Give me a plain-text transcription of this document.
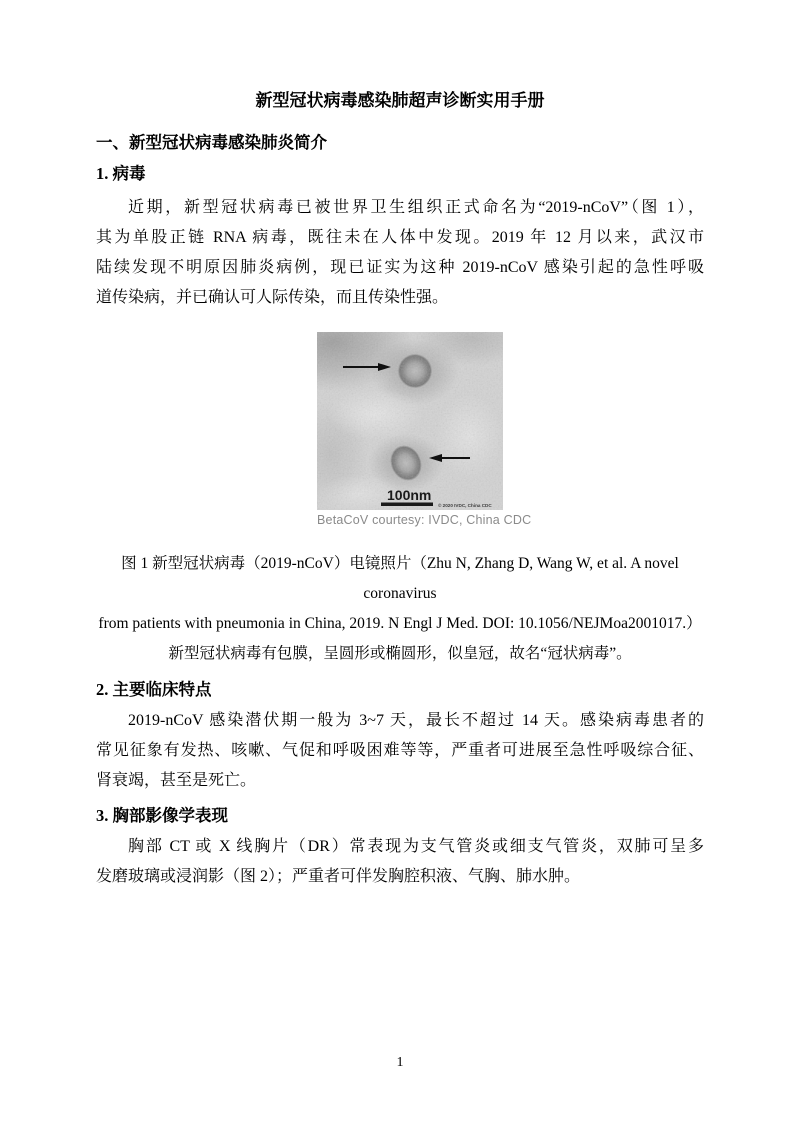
新型冠状病毒感染肺超声诊断实用手册
一、新型冠状病毒感染肺炎简介
1. 病毒
近期，新型冠状病毒已被世界卫生组织正式命名为“2019-nCoV”（图 1），
其为单股正链 RNA 病毒，既往未在人体中发现。2019 年 12 月以来，武汉市
陆续发现不明原因肺炎病例，现已证实为这种 2019-nCoV 感染引起的急性呼吸
道传染病，并已确认可人际传染，而且传染性强。
100nm
© 2020 IVDC, China CDC
BetaCoV courtesy: IVDC, China CDC
图 1 新型冠状病毒（2019-nCoV）电镜照片（Zhu N, Zhang D, Wang W, et al. A novel coronavirus
from patients with pneumonia in China, 2019. N Engl J Med. DOI: 10.1056/NEJMoa2001017.）
新型冠状病毒有包膜，呈圆形或椭圆形，似皇冠，故名“冠状病毒”。
2. 主要临床特点
2019-nCoV 感染潜伏期一般为 3~7 天，最长不超过 14 天。感染病毒患者的
常见征象有发热、咳嗽、气促和呼吸困难等等，严重者可进展至急性呼吸综合征、
肾衰竭，甚至是死亡。
3. 胸部影像学表现
胸部 CT 或 X 线胸片（DR）常表现为支气管炎或细支气管炎，双肺可呈多
发磨玻璃或浸润影（图 2）；严重者可伴发胸腔积液、气胸、肺水肿。
1
